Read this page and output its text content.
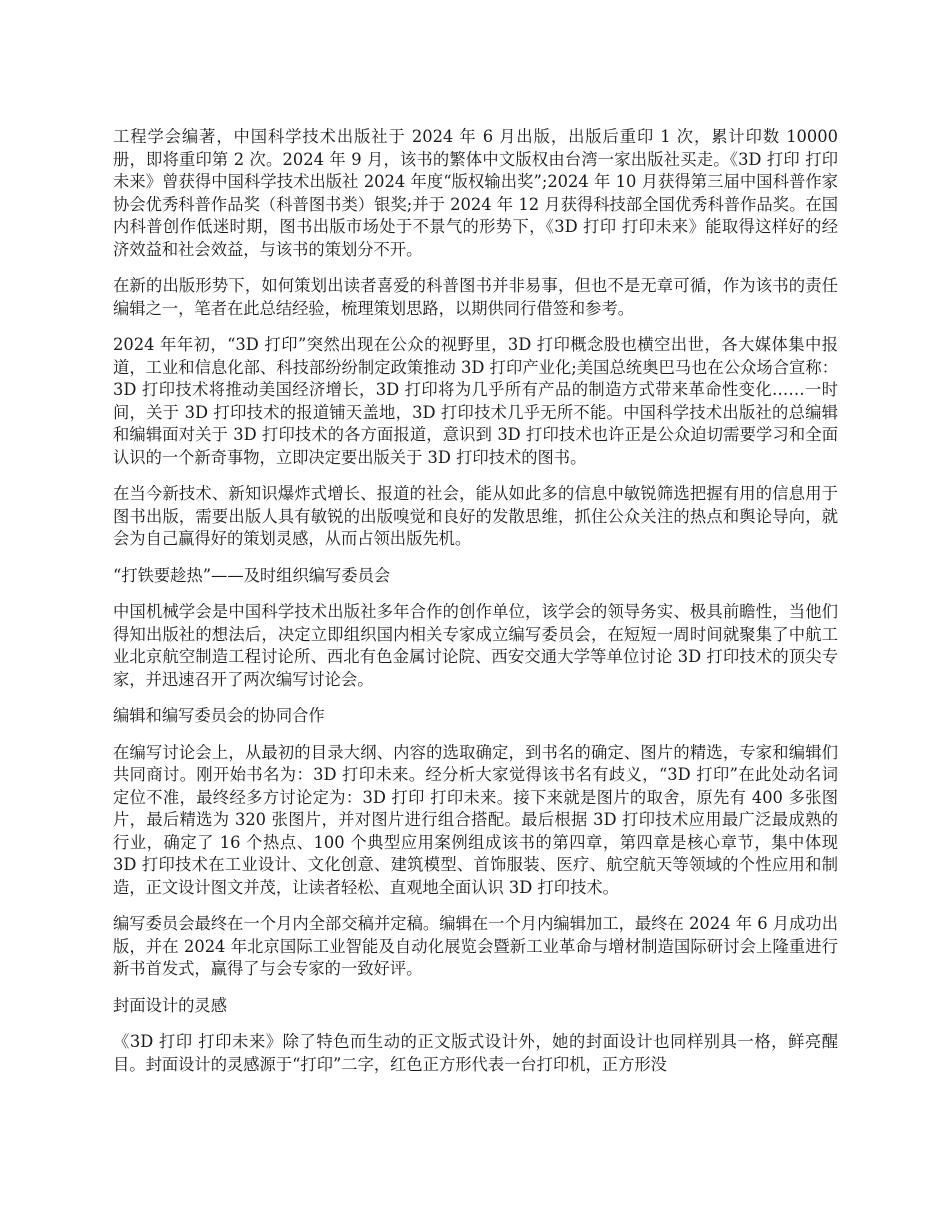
工程学会编著，中国科学技术出版社于 2024 年 6 月出版，出版后重印 1 次，累计印数 10000 册，即将重印第 2 次。2024 年 9 月，该书的繁体中文版权由台湾一家出版社买走。《3D 打印 打印未来》曾获得中国科学技术出版社 2024 年度“版权输出奖”;2024 年 10 月获得第三届中国科普作家协会优秀科普作品奖（科普图书类）银奖;并于 2024 年 12 月获得科技部全国优秀科普作品奖。在国内科普创作低迷时期，图书出版市场处于不景气的形势下，《3D 打印 打印未来》能取得这样好的经济效益和社会效益，与该书的策划分不开。

在新的出版形势下，如何策划出读者喜爱的科普图书并非易事，但也不是无章可循，作为该书的责任编辑之一，笔者在此总结经验，梳理策划思路，以期供同行借签和参考。

2024 年年初，“3D 打印”突然出现在公众的视野里，3D 打印概念股也横空出世，各大媒体集中报道，工业和信息化部、科技部纷纷制定政策推动 3D 打印产业化;美国总统奥巴马也在公众场合宣称：3D 打印技术将推动美国经济增长，3D 打印将为几乎所有产品的制造方式带来革命性变化……一时间，关于 3D 打印技术的报道铺天盖地，3D 打印技术几乎无所不能。中国科学技术出版社的总编辑和编辑面对关于 3D 打印技术的各方面报道，意识到 3D 打印技术也许正是公众迫切需要学习和全面认识的一个新奇事物，立即决定要出版关于 3D 打印技术的图书。

在当今新技术、新知识爆炸式增长、报道的社会，能从如此多的信息中敏锐筛选把握有用的信息用于图书出版，需要出版人具有敏锐的出版嗅觉和良好的发散思维，抓住公众关注的热点和舆论导向，就会为自己赢得好的策划灵感，从而占领出版先机。

“打铁要趁热”——及时组织编写委员会

中国机械学会是中国科学技术出版社多年合作的创作单位，该学会的领导务实、极具前瞻性，当他们得知出版社的想法后，决定立即组织国内相关专家成立编写委员会，在短短一周时间就聚集了中航工业北京航空制造工程讨论所、西北有色金属讨论院、西安交通大学等单位讨论 3D 打印技术的顶尖专家，并迅速召开了两次编写讨论会。

编辑和编写委员会的协同合作

在编写讨论会上，从最初的目录大纲、内容的选取确定，到书名的确定、图片的精选，专家和编辑们共同商讨。刚开始书名为：3D 打印未来。经分析大家觉得该书名有歧义，“3D 打印”在此处动名词定位不准，最终经多方讨论定为：3D 打印 打印未来。接下来就是图片的取舍，原先有 400 多张图片，最后精选为 320 张图片，并对图片进行组合搭配。最后根据 3D 打印技术应用最广泛最成熟的行业，确定了 16 个热点、100 个典型应用案例组成该书的第四章，第四章是核心章节，集中体现 3D 打印技术在工业设计、文化创意、建筑模型、首饰服装、医疗、航空航天等领域的个性应用和制造，正文设计图文并茂，让读者轻松、直观地全面认识 3D 打印技术。

编写委员会最终在一个月内全部交稿并定稿。编辑在一个月内编辑加工，最终在 2024 年 6 月成功出版，并在 2024 年北京国际工业智能及自动化展览会暨新工业革命与增材制造国际研讨会上隆重进行新书首发式，赢得了与会专家的一致好评。

封面设计的灵感

《3D 打印 打印未来》除了特色而生动的正文版式设计外，她的封面设计也同样别具一格，鲜亮醒目。封面设计的灵感源于“打印”二字，红色正方形代表一台打印机，正方形没
